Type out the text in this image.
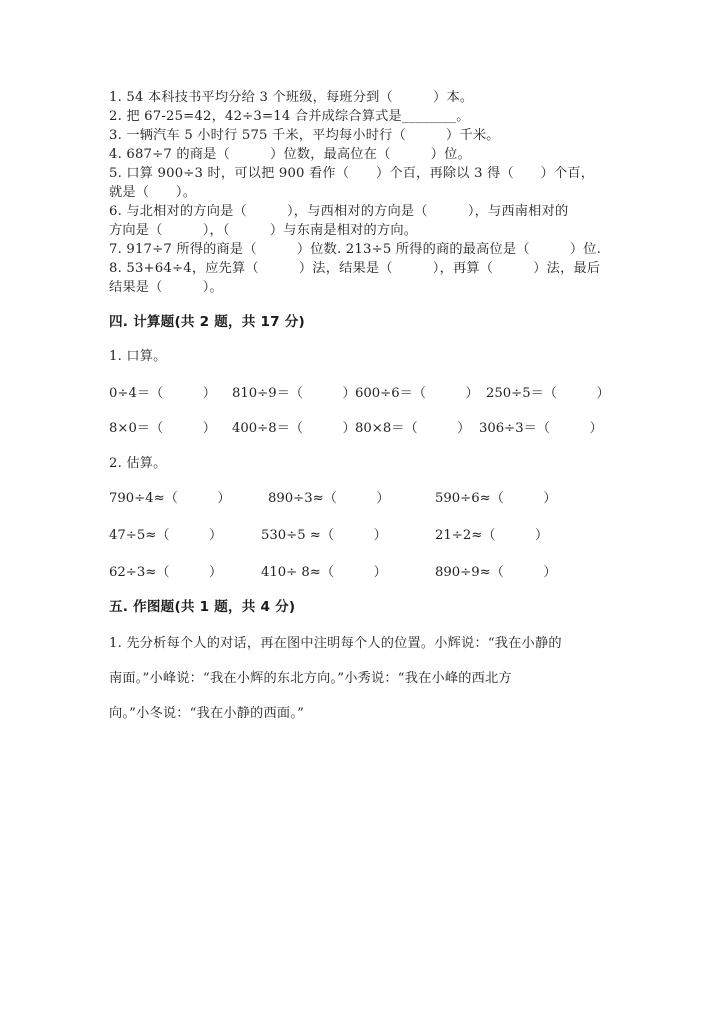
1. 54 本科技书平均分给 3 个班级，每班分到（　　　）本。
2. 把 67-25=42，42÷3=14 合并成综合算式是________。
3. 一辆汽车 5 小时行 575 千米，平均每小时行（　　　）千米。
4. 687÷7 的商是（　　　）位数，最高位在（　　　）位。
5. 口算 900÷3 时，可以把 900 看作（　　）个百，再除以 3 得（　　）个百，
就是（　　）。
6. 与北相对的方向是（　　　），与西相对的方向是（　　　），与西南相对的
方向是（　　　），（　　　）与东南是相对的方向。
7. 917÷7 所得的商是（　　　）位数. 213÷5 所得的商的最高位是（　　　）位.
8. 53+64÷4，应先算（　　　）法，结果是（　　　），再算（　　　）法，最后
结果是（　　　）。
四. 计算题(共 2 题，共 17 分)
1. 口算。
0÷4＝（　　　） 810÷9＝（　　　） 600÷6＝（　　　） 250÷5＝（　　　）
8×0＝（　　　） 400÷8＝（　　　） 80×8＝（　　　） 306÷3＝（　　　）
2. 估算。
790÷4≈（　　　）	890÷3≈（　　　）	590÷6≈（　　　）
47÷5≈（　　　）	530÷5 ≈（　　　）	21÷2≈（　　　）
62÷3≈（　　　）	410÷ 8≈（　　　）	890÷9≈（　　　）
五. 作图题(共 1 题，共 4 分)
1. 先分析每个人的对话，再在图中注明每个人的位置。小辉说：“我在小静的
南面。”小峰说：“我在小辉的东北方向。”小秀说：“我在小峰的西北方
向。”小冬说：“我在小静的西面。”
